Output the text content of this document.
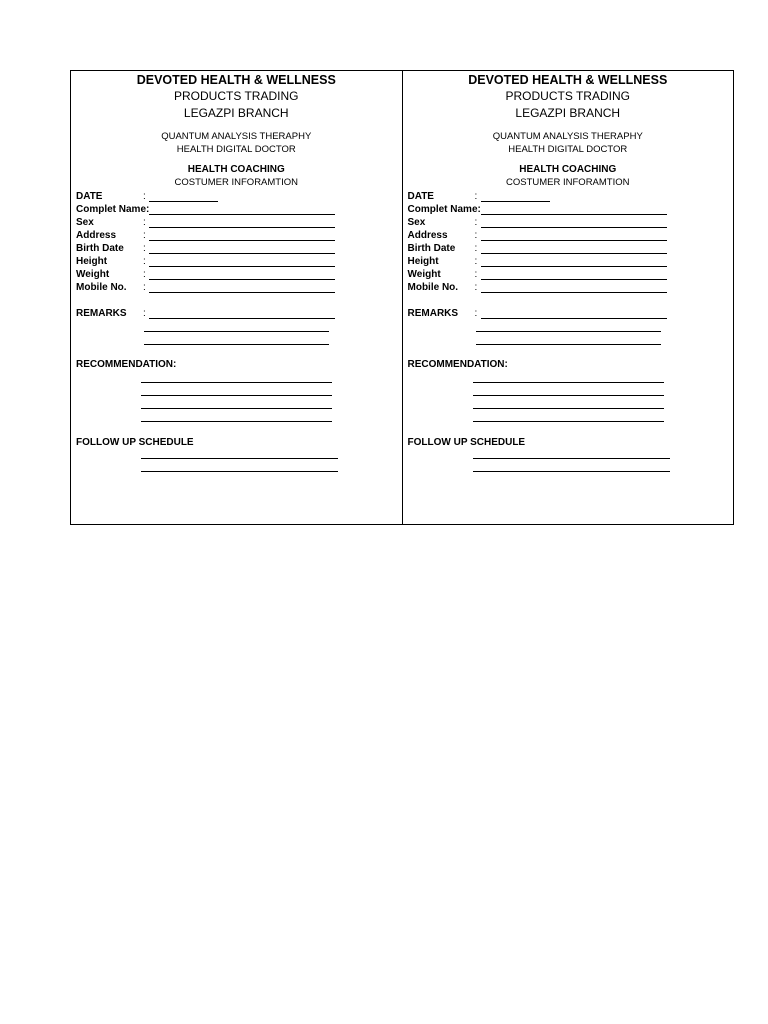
DEVOTED HEALTH & WELLNESS
PRODUCTS TRADING
LEGAZPI BRANCH
QUANTUM ANALYSIS THERAPHY
HEALTH DIGITAL DOCTOR
HEALTH COACHING
COSTUMER INFORAMTION
DATE	:
Complet Name:
Sex	:
Address	:
Birth Date	:
Height	:
Weight	:
Mobile No.	:
REMARKS	:
RECOMMENDATION:
FOLLOW UP SCHEDULE
DEVOTED HEALTH & WELLNESS
PRODUCTS TRADING
LEGAZPI BRANCH
QUANTUM ANALYSIS THERAPHY
HEALTH DIGITAL DOCTOR
HEALTH COACHING
COSTUMER INFORAMTION
DATE	:
Complet Name:
Sex	:
Address	:
Birth Date	:
Height	:
Weight	:
Mobile No.	:
REMARKS	:
RECOMMENDATION:
FOLLOW UP SCHEDULE
